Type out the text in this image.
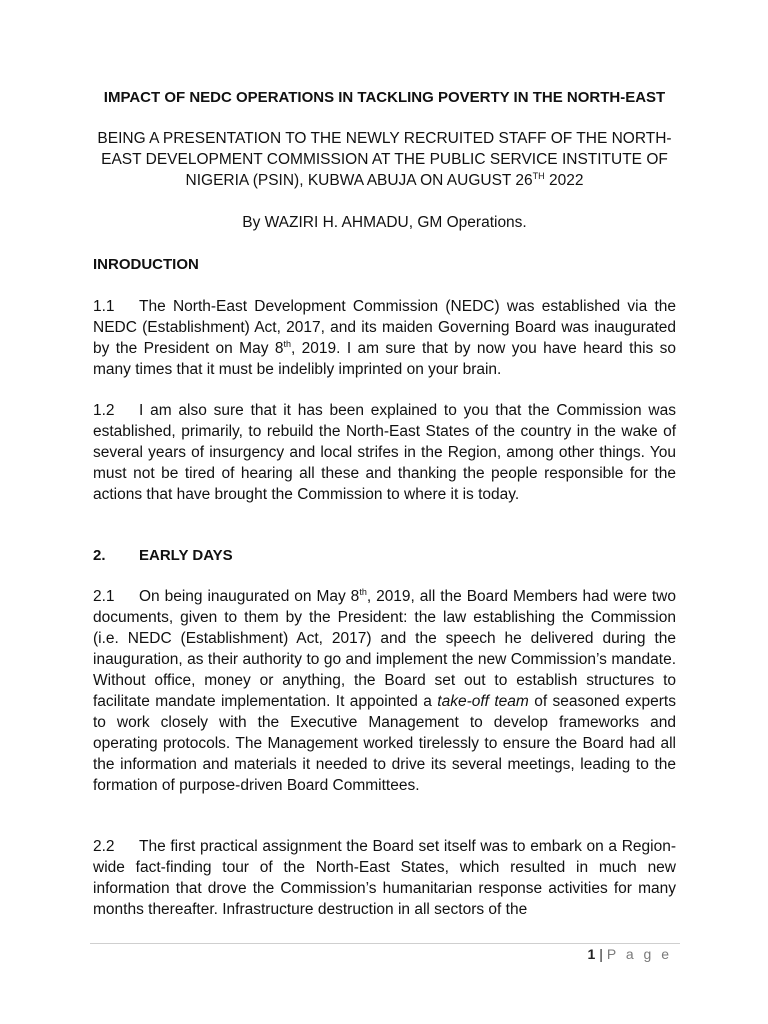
IMPACT OF NEDC OPERATIONS IN TACKLING POVERTY IN THE NORTH-EAST
BEING A PRESENTATION TO THE NEWLY RECRUITED STAFF OF THE NORTH-EAST DEVELOPMENT COMMISSION AT THE PUBLIC SERVICE INSTITUTE OF NIGERIA (PSIN), KUBWA ABUJA ON AUGUST 26TH 2022
By WAZIRI H. AHMADU, GM Operations.
INRODUCTION
1.1 The North-East Development Commission (NEDC) was established via the NEDC (Establishment) Act, 2017, and its maiden Governing Board was inaugurated by the President on May 8th, 2019. I am sure that by now you have heard this so many times that it must be indelibly imprinted on your brain.
1.2 I am also sure that it has been explained to you that the Commission was established, primarily, to rebuild the North-East States of the country in the wake of several years of insurgency and local strifes in the Region, among other things. You must not be tired of hearing all these and thanking the people responsible for the actions that have brought the Commission to where it is today.
2. EARLY DAYS
2.1 On being inaugurated on May 8th, 2019, all the Board Members had were two documents, given to them by the President: the law establishing the Commission (i.e. NEDC (Establishment) Act, 2017) and the speech he delivered during the inauguration, as their authority to go and implement the new Commission’s mandate. Without office, money or anything, the Board set out to establish structures to facilitate mandate implementation. It appointed a take-off team of seasoned experts to work closely with the Executive Management to develop frameworks and operating protocols. The Management worked tirelessly to ensure the Board had all the information and materials it needed to drive its several meetings, leading to the formation of purpose-driven Board Committees.
2.2 The first practical assignment the Board set itself was to embark on a Region-wide fact-finding tour of the North-East States, which resulted in much new information that drove the Commission’s humanitarian response activities for many months thereafter. Infrastructure destruction in all sectors of the
1 | P a g e
